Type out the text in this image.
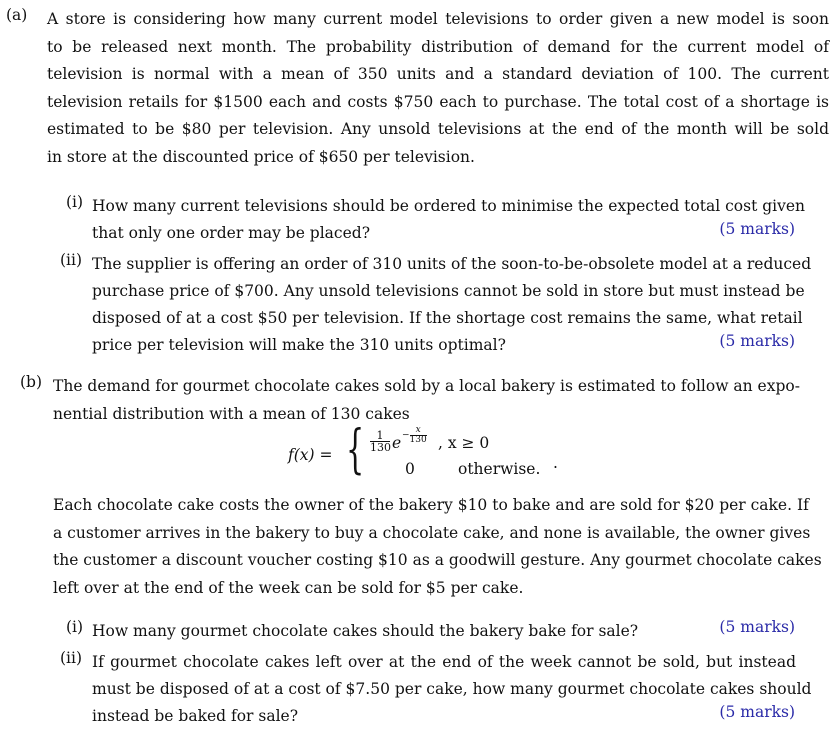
(a) A store is considering how many current model televisions to order given a new model is soon
to be released next month. The probability distribution of demand for the current model of
television is normal with a mean of 350 units and a standard deviation of 100. The current
television retails for $1500 each and costs $750 each to purchase. The total cost of a shortage is
estimated to be $80 per television. Any unsold televisions at the end of the month will be sold
in store at the discounted price of $650 per television.
(i) How many current televisions should be ordered to minimise the expected total cost given
that only one order may be placed?	(5 marks)
(ii) The supplier is offering an order of 310 units of the soon-to-be-obsolete model at a reduced
purchase price of $700. Any unsold televisions cannot be sold in store but must instead be
disposed of at a cost $50 per television. If the shortage cost remains the same, what retail
price per television will make the 310 units optimal?	(5 marks)
(b) The demand for gourmet chocolate cakes sold by a local bakery is estimated to follow an expo-
nential distribution with a mean of 130 cakes
f(x) = {	1
130 $e - \frac{x}{130}$ , x ≥ 0
0	otherwise. .
Each chocolate cake costs the owner of the bakery $10 to bake and are sold for $20 per cake. If
a customer arrives in the bakery to buy a chocolate cake, and none is available, the owner gives
the customer a discount voucher costing $10 as a goodwill gesture. Any gourmet chocolate cakes
left over at the end of the week can be sold for $5 per cake.
(i) How many gourmet chocolate cakes should the bakery bake for sale?	(5 marks)
(ii) If gourmet chocolate cakes left over at the end of the week cannot be sold, but instead
must be disposed of at a cost of $7.50 per cake, how many gourmet chocolate cakes should
instead be baked for sale?	(5 marks)
